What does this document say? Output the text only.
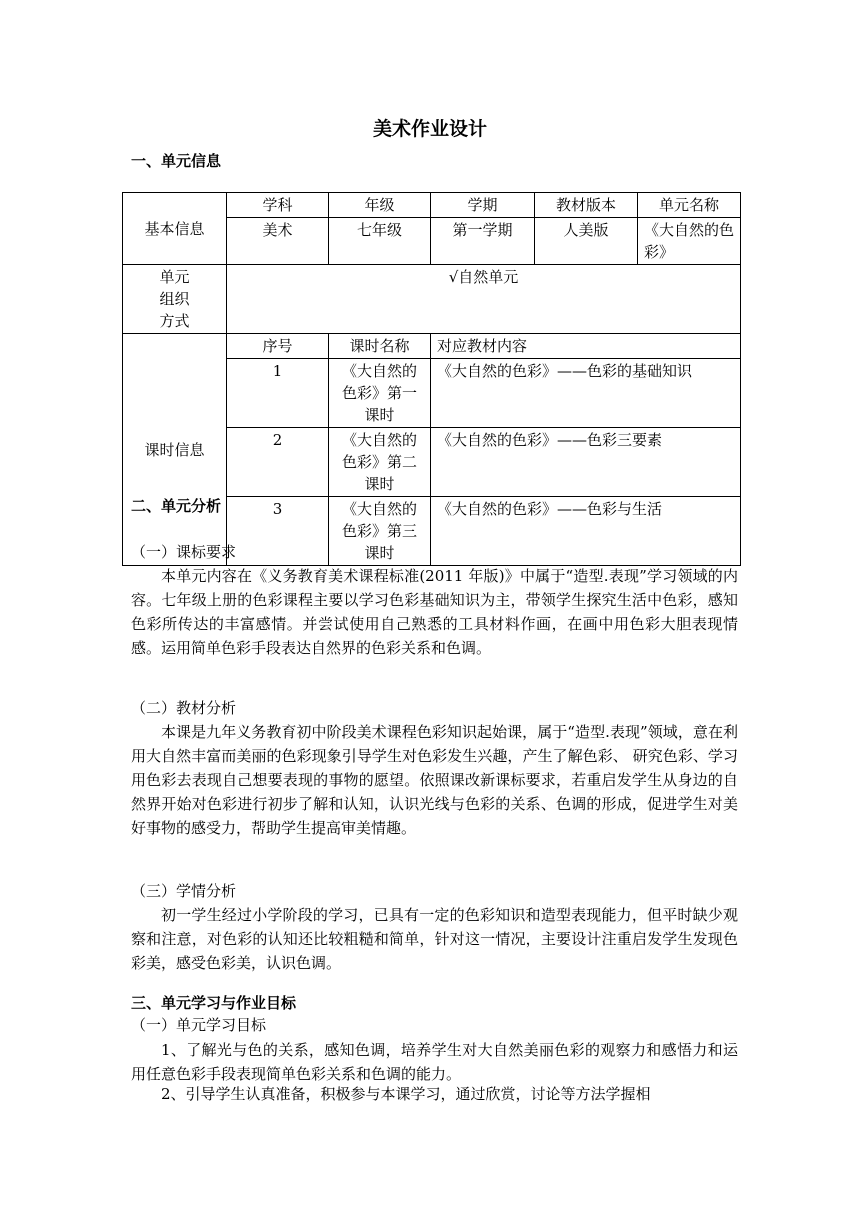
美术作业设计
一、单元信息
基本信息	学科	年级	学期	教材版本	单元名称
	美术	七年级	第一学期	人美版	《大自然的色彩》
单元组织方式	√自然单元				
课时信息	序号	课时名称	对应教材内容		
	1	《大自然的色彩》第一课时	《大自然的色彩》——色彩的基础知识		
	2	《大自然的色彩》第二课时	《大自然的色彩》——色彩三要素		
	3	《大自然的色彩》第三课时	《大自然的色彩》——色彩与生活		
二、单元分析
（一）课标要求

本单元内容在《义务教育美术课程标准(2011 年版)》中属于“造型.表现”学习领域的内容。七年级上册的色彩课程主要以学习色彩基础知识为主，带领学生探究生活中色彩，感知色彩所传达的丰富感情。并尝试使用自己熟悉的工具材料作画，在画中用色彩大胆表现情感。运用简单色彩手段表达自然界的色彩关系和色调。

（二）教材分析

本课是九年义务教育初中阶段美术课程色彩知识起始课，属于“造型.表现”领域，意在利用大自然丰富而美丽的色彩现象引导学生对色彩发生兴趣，产生了解色彩、 研究色彩、学习用色彩去表现自己想要表现的事物的愿望。依照课改新课标要求，若重启发学生从身边的自然界开始对色彩进行初步了解和认知，认识光线与色彩的关系、色调的形成，促进学生对美好事物的感受力，帮助学生提高审美情趣。

（三）学情分析

初一学生经过小学阶段的学习，已具有一定的色彩知识和造型表现能力，但平时缺少观察和注意，对色彩的认知还比较粗糙和简单，针对这一情况，主要设计注重启发学生发现色彩美，感受色彩美，认识色调。

三、单元学习与作业目标
（一）单元学习目标

1、了解光与色的关系，感知色调，培养学生对大自然美丽色彩的观察力和感悟力和运用任意色彩手段表现简单色彩关系和色调的能力。

2、引导学生认真准备，积极参与本课学习，通过欣赏，讨论等方法学握相
